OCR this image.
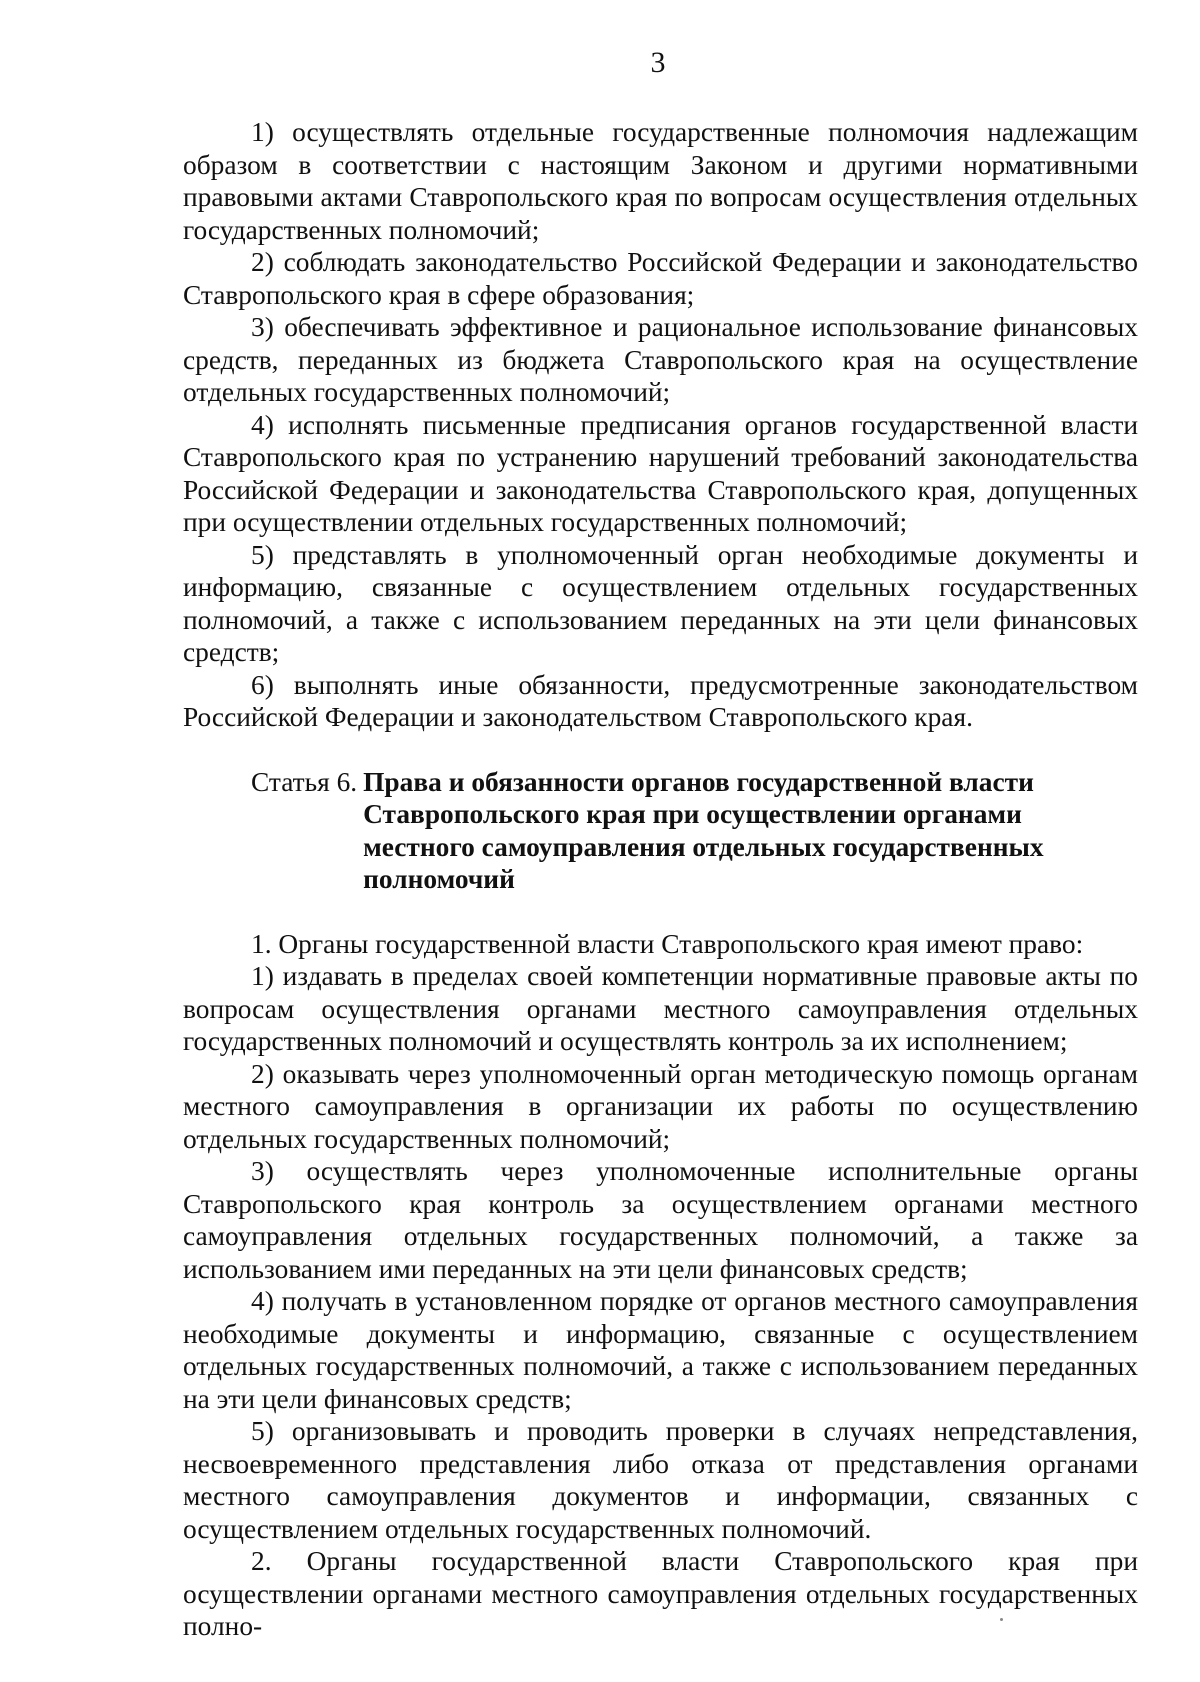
3

1) осуществлять отдельные государственные полномочия надлежащим образом в соответствии с настоящим Законом и другими нормативными правовыми актами Ставропольского края по вопросам осуществления отдельных государственных полномочий;

2) соблюдать законодательство Российской Федерации и законодательство Ставропольского края в сфере образования;

3) обеспечивать эффективное и рациональное использование финансовых средств, переданных из бюджета Ставропольского края на осуществление отдельных государственных полномочий;

4) исполнять письменные предписания органов государственной власти Ставропольского края по устранению нарушений требований законодательства Российской Федерации и законодательства Ставропольского края, допущенных при осуществлении отдельных государственных полномочий;

5) представлять в уполномоченный орган необходимые документы и информацию, связанные с осуществлением отдельных государственных полномочий, а также с использованием переданных на эти цели финансовых средств;

6) выполнять иные обязанности, предусмотренные законодательством Российской Федерации и законодательством Ставропольского края.

Статья 6. Права и обязанности органов государственной власти Ставропольского края при осуществлении органами местного самоуправления отдельных государственных полномочий

1. Органы государственной власти Ставропольского края имеют право:

1) издавать в пределах своей компетенции нормативные правовые акты по вопросам осуществления органами местного самоуправления отдельных государственных полномочий и осуществлять контроль за их исполнением;

2) оказывать через уполномоченный орган методическую помощь органам местного самоуправления в организации их работы по осуществлению отдельных государственных полномочий;

3) осуществлять через уполномоченные исполнительные органы Ставропольского края контроль за осуществлением органами местного самоуправления отдельных государственных полномочий, а также за использованием ими переданных на эти цели финансовых средств;

4) получать в установленном порядке от органов местного самоуправления необходимые документы и информацию, связанные с осуществлением отдельных государственных полномочий, а также с использованием переданных на эти цели финансовых средств;

5) организовывать и проводить проверки в случаях непредставления, несвоевременного представления либо отказа от представления органами местного самоуправления документов и информации, связанных с осуществлением отдельных государственных полномочий.

2. Органы государственной власти Ставропольского края при осуществлении органами местного самоуправления отдельных государственных полно-
